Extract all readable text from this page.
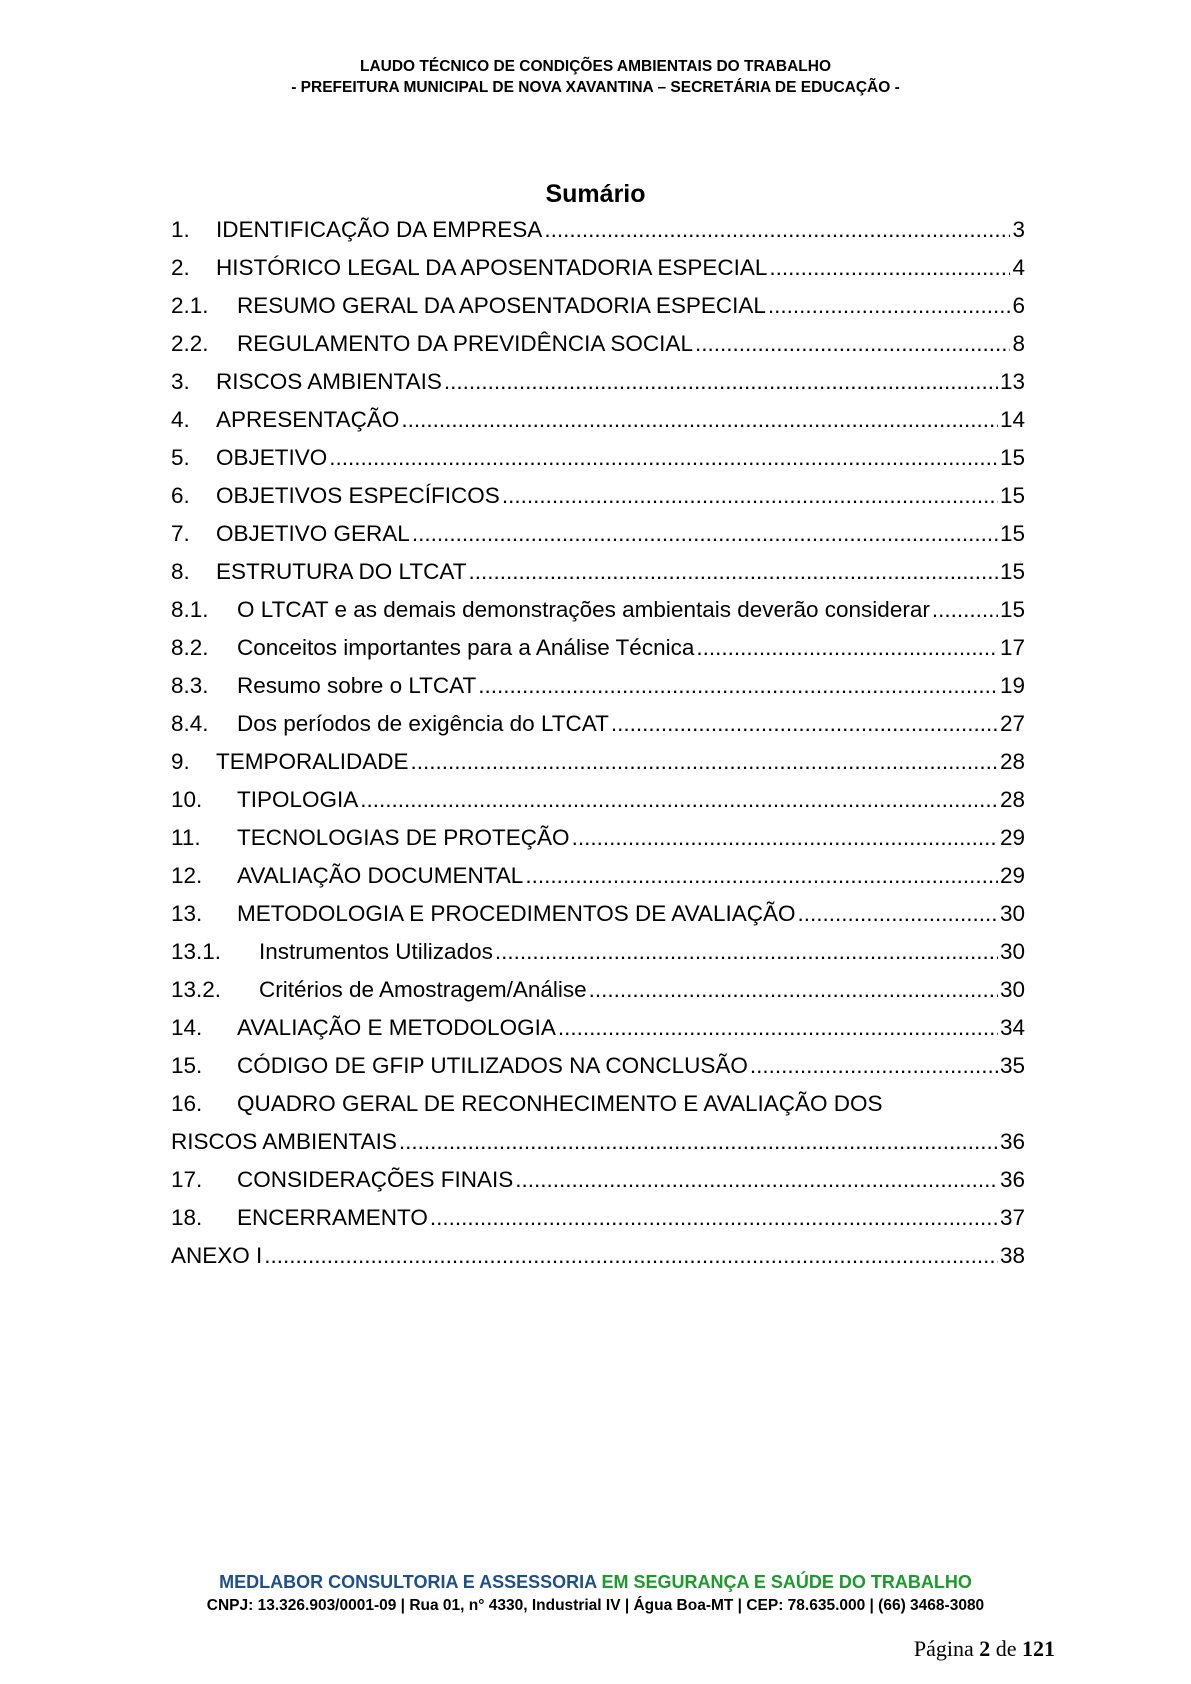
LAUDO TÉCNICO DE CONDIÇÕES AMBIENTAIS DO TRABALHO
- PREFEITURA MUNICIPAL DE NOVA XAVANTINA – SECRETÁRIA DE EDUCAÇÃO -
Sumário
1.	IDENTIFICAÇÃO DA EMPRESA .....	3
2.	HISTÓRICO LEGAL DA APOSENTADORIA ESPECIAL .....	4
2.1.	RESUMO GERAL DA APOSENTADORIA ESPECIAL .....	6
2.2.	REGULAMENTO DA PREVIDÊNCIA SOCIAL .....	8
3.	RISCOS AMBIENTAIS .....	13
4.	APRESENTAÇÃO .....	14
5.	OBJETIVO .....	15
6.	OBJETIVOS ESPECÍFICOS .....	15
7.	OBJETIVO GERAL .....	15
8.	ESTRUTURA DO LTCAT .....	15
8.1.	O LTCAT e as demais demonstrações ambientais deverão considerar .....	15
8.2.	Conceitos importantes para a Análise Técnica .....	17
8.3.	Resumo sobre o LTCAT .....	19
8.4.	Dos períodos de exigência do LTCAT .....	27
9.	TEMPORALIDADE .....	28
10.	TIPOLOGIA .....	28
11.	TECNOLOGIAS DE PROTEÇÃO .....	29
12.	AVALIAÇÃO DOCUMENTAL .....	29
13.	METODOLOGIA E PROCEDIMENTOS DE AVALIAÇÃO .....	30
13.1.	Instrumentos Utilizados .....	30
13.2.	Critérios de Amostragem/Análise .....	30
14.	AVALIAÇÃO E METODOLOGIA .....	34
15.	CÓDIGO DE GFIP UTILIZADOS NA CONCLUSÃO .....	35
16. QUADRO GERAL DE RECONHECIMENTO E AVALIAÇÃO DOS
RISCOS AMBIENTAIS .....	36
17.	CONSIDERAÇÕES FINAIS .....	36
18.	ENCERRAMENTO .....	37
ANEXO I .....	38
MEDLABOR CONSULTORIA E ASSESSORIA EM SEGURANÇA E SAÚDE DO TRABALHO
CNPJ: 13.326.903/0001-09 | Rua 01, n° 4330, Industrial IV | Água Boa-MT | CEP: 78.635.000 | (66) 3468-3080
Página 2 de 121
